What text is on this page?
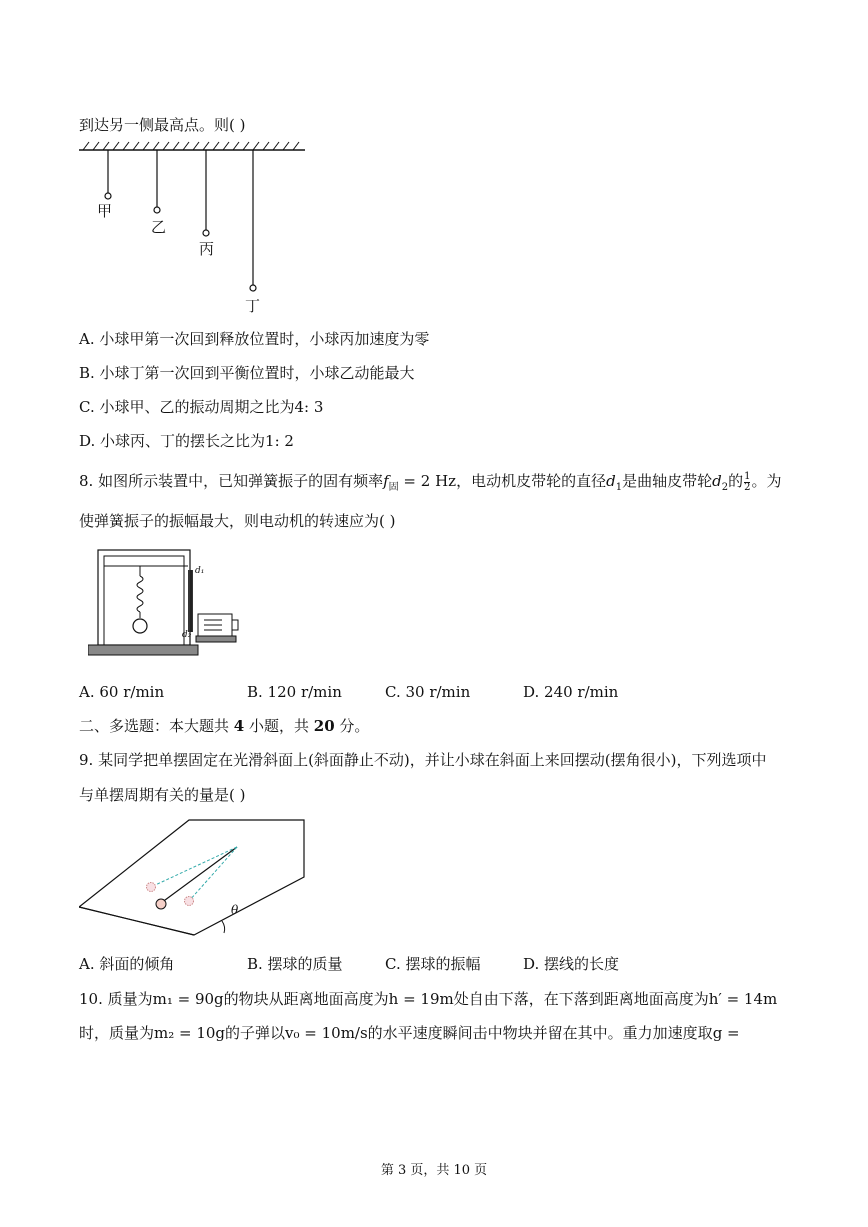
到达另一侧最高点。则( )
甲
乙
丙
丁
A. 小球甲第一次回到释放位置时，小球丙加速度为零
B. 小球丁第一次回到平衡位置时，小球乙动能最大
C. 小球甲、乙的振动周期之比为4: 3
D. 小球丙、丁的摆长之比为1: 2
8. 如图所示装置中，已知弹簧振子的固有频率$f_固 = 2$ Hz，电动机皮带轮的直径$d_1$是曲轴皮带轮$d_2$的 $\frac{1}{2}$ 。为
使弹簧振子的振幅最大，则电动机的转速应为( )
d₁
d₂
A. 60 r/min	B. 120 r/min	C. 30 r/min	D. 240 r/min
二、多选题：本大题共 4 小题，共 20 分。
9. 某同学把单摆固定在光滑斜面上(斜面静止不动)，并让小球在斜面上来回摆动(摆角很小)，下列选项中
与单摆周期有关的量是( )
θ
A. 斜面的倾角	B. 摆球的质量	C. 摆球的振幅	D. 摆线的长度
10. 质量为m₁ = 90g的物块从距离地面高度为h = 19m处自由下落，在下落到距离地面高度为h′ = 14m
时，质量为m₂ = 10g的子弹以v₀ = 10m/s的水平速度瞬间击中物块并留在其中。重力加速度取g =
第 3 页，共 10 页
